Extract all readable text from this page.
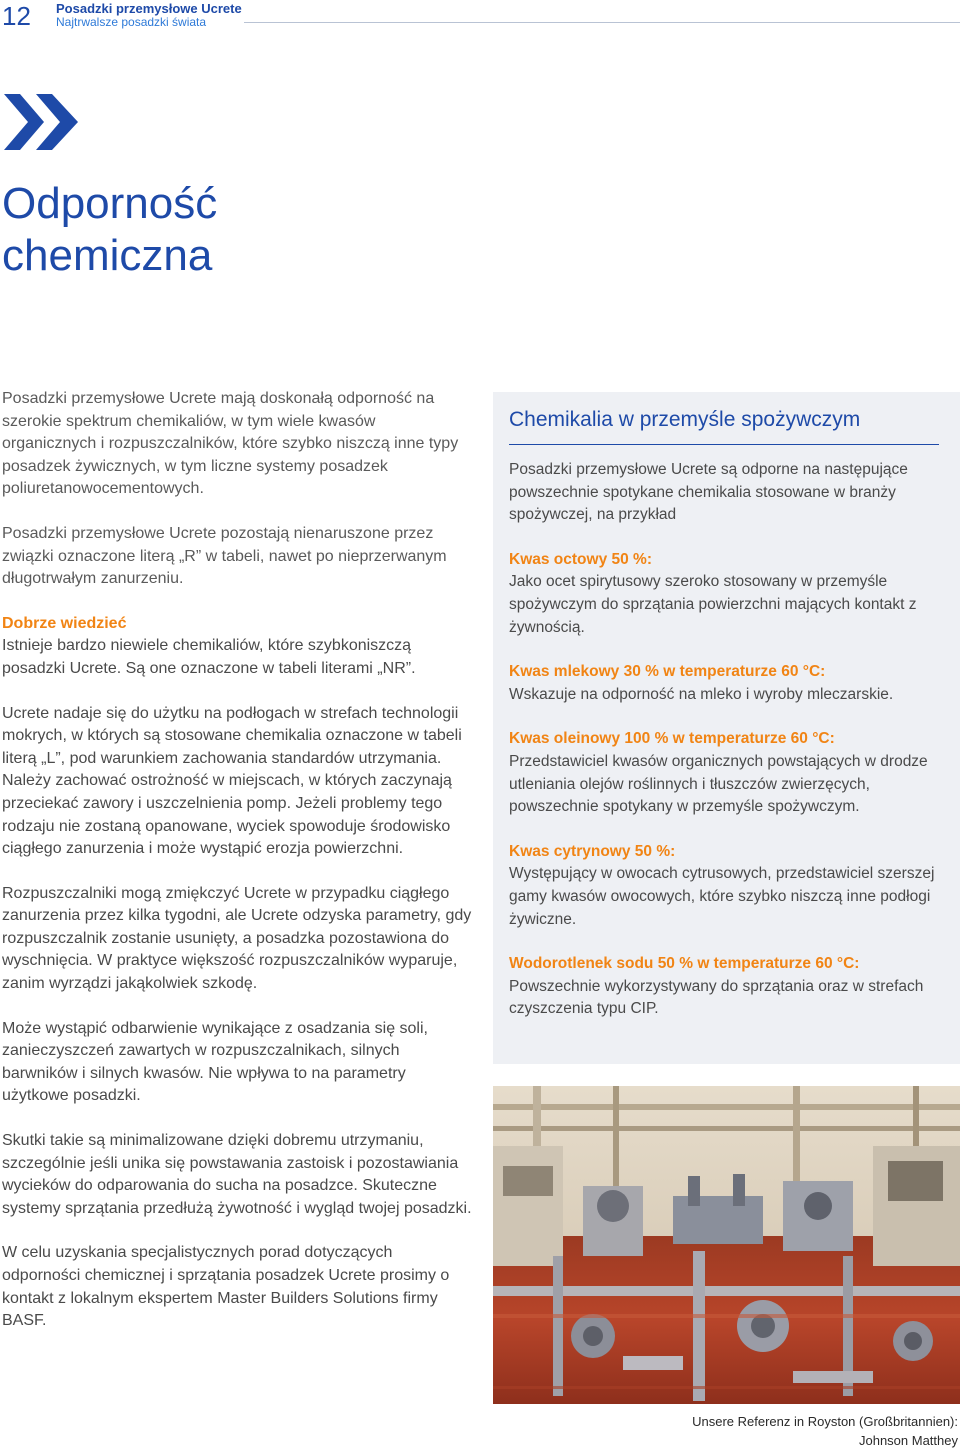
12 Posadzki przemysłowe Ucrete
Najtrwalsze posadzki świata
Odporność
chemiczna

Posadzki przemysłowe Ucrete mają doskonałą odporność na szerokie spektrum chemikaliów, w tym wiele kwasów organicznych i rozpuszczalników, które szybko niszczą inne typy posadzek żywicznych, w tym liczne systemy posadzek poliuretanowocementowych.

Posadzki przemysłowe Ucrete pozostają nienaruszone przez związki oznaczone literą „R” w tabeli, nawet po nieprzerwanym długotrwałym zanurzeniu.

Dobrze wiedzieć
Istnieje bardzo niewiele chemikaliów, które szybkoniszczą posadzki Ucrete. Są one oznaczone w tabeli literami „NR”.

Ucrete nadaje się do użytku na podłogach w strefach technologii mokrych, w których są stosowane chemikalia oznaczone w tabeli literą „L”, pod warunkiem zachowania standardów utrzymania. Należy zachować ostrożność w miejscach, w których zaczynają przeciekać zawory i uszczelnienia pomp. Jeżeli problemy tego rodzaju nie zostaną opanowane, wyciek spowoduje środowisko ciągłego zanurzenia i może wystąpić erozja powierzchni.

Rozpuszczalniki mogą zmiękczyć Ucrete w przypadku ciągłego zanurzenia przez kilka tygodni, ale Ucrete odzyska parametry, gdy rozpuszczalnik zostanie usunięty, a posadzka pozostawiona do wyschnięcia. W praktyce większość rozpuszczalników wyparuje, zanim wyrządzi jakąkolwiek szkodę.

Może wystąpić odbarwienie wynikające z osadzania się soli, zanieczyszczeń zawartych w rozpuszczalnikach, silnych barwników i silnych kwasów. Nie wpływa to na parametry użytkowe posadzki.

Skutki takie są minimalizowane dzięki dobremu utrzymaniu, szczególnie jeśli unika się powstawania zastoisk i pozostawiania wycieków do odparowania do sucha na posadzce. Skuteczne systemy sprzątania przedłużą żywotność i wygląd twojej posadzki.

W celu uzyskania specjalistycznych porad dotyczących odporności chemicznej i sprzątania posadzek Ucrete prosimy o kontakt z lokalnym ekspertem Master Builders Solutions firmy BASF.

Chemikalia w przemyśle spożywczym

Posadzki przemysłowe Ucrete są odporne na następujące powszechnie spotykane chemikalia stosowane w branży spożywczej, na przykład

Kwas octowy 50 %:
Jako ocet spirytusowy szeroko stosowany w przemyśle spożywczym do sprzątania powierzchni mających kontakt z żywnością.

Kwas mlekowy 30 % w temperaturze 60 °C:
Wskazuje na odporność na mleko i wyroby mleczarskie.

Kwas oleinowy 100 % w temperaturze 60 °C:
Przedstawiciel kwasów organicznych powstających w drodze utleniania olejów roślinnych i tłuszczów zwierzęcych, powszechnie spotykany w przemyśle spożywczym.

Kwas cytrynowy 50 %:
Występujący w owocach cytrusowych, przedstawiciel szerszej gamy kwasów owocowych, które szybko niszczą inne podłogi żywiczne.

Wodorotlenek sodu 50 % w temperaturze 60 °C:
Powszechnie wykorzystywany do sprzątania oraz w strefach czyszczenia typu CIP.

Unsere Referenz in Royston (Großbritannien):
Johnson Matthey
